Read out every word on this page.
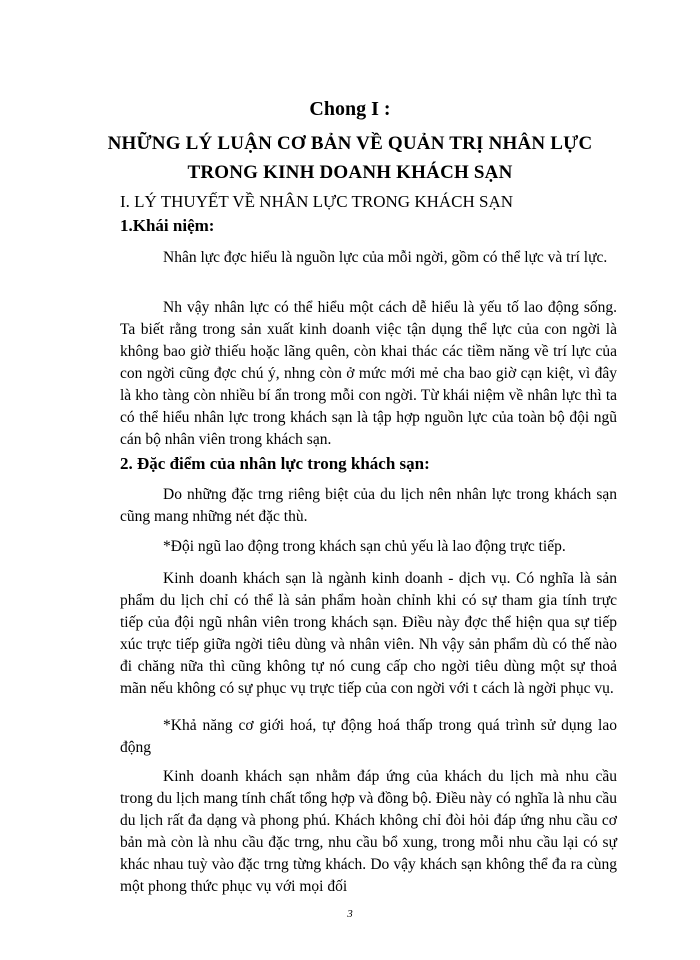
Chong I :
NHỮNG LÝ LUẬN CƠ BẢN VỀ QUẢN TRỊ NHÂN LỰC
TRONG KINH DOANH KHÁCH SẠN
I. LÝ THUYẾT VỀ NHÂN LỰC TRONG KHÁCH SẠN
1.Khái niệm:

Nhân lực đợc hiểu là nguồn lực của mỗi ngời, gồm có thể lực và trí lực.

Nh vậy nhân lực có thể hiểu một cách dễ hiểu là yếu tố lao động sống. Ta biết rằng trong sản xuất kinh doanh việc tận dụng thể lực của con ngời là không bao giờ thiếu hoặc lãng quên, còn khai thác các tiềm năng về trí lực của con ngời cũng đợc chú ý, nhng còn ở mức mới mẻ cha bao giờ cạn kiệt, vì đây là kho tàng còn nhiều bí ẩn trong mỗi con ngời. Từ khái niệm về nhân lực thì ta có thể hiểu nhân lực trong khách sạn là tập hợp nguồn lực của toàn bộ đội ngũ cán bộ nhân viên trong khách sạn.

2. Đặc điểm của nhân lực trong khách sạn:

Do những đặc trng riêng biệt của du lịch nên nhân lực trong khách sạn cũng mang những nét đặc thù.

*Đội ngũ lao động trong khách sạn chủ yếu là lao động trực tiếp.

Kinh doanh khách sạn là ngành kinh doanh - dịch vụ. Có nghĩa là sản phẩm du lịch chỉ có thể là sản phẩm hoàn chỉnh khi có sự tham gia tính trực tiếp của đội ngũ nhân viên trong khách sạn. Điều này đợc thể hiện qua sự tiếp xúc trực tiếp giữa ngời tiêu dùng và nhân viên. Nh vậy sản phẩm dù có thế nào đi chăng nữa thì cũng không tự nó cung cấp cho ngời tiêu dùng một sự thoả mãn nếu không có sự phục vụ trực tiếp của con ngời với t cách là ngời phục vụ.

*Khả năng cơ giới hoá, tự động hoá thấp trong quá trình sử dụng lao động

Kinh doanh khách sạn nhằm đáp ứng của khách du lịch mà nhu cầu trong du lịch mang tính chất tổng hợp và đồng bộ. Điều này có nghĩa là nhu cầu du lịch rất đa dạng và phong phú. Khách không chỉ đòi hỏi đáp ứng nhu cầu cơ bản mà còn là nhu cầu đặc trng, nhu cầu bổ xung, trong mỗi nhu cầu lại có sự khác nhau tuỳ vào đặc trng từng khách. Do vậy khách sạn không thể đa ra cùng một phong thức phục vụ với mọi đối

3
